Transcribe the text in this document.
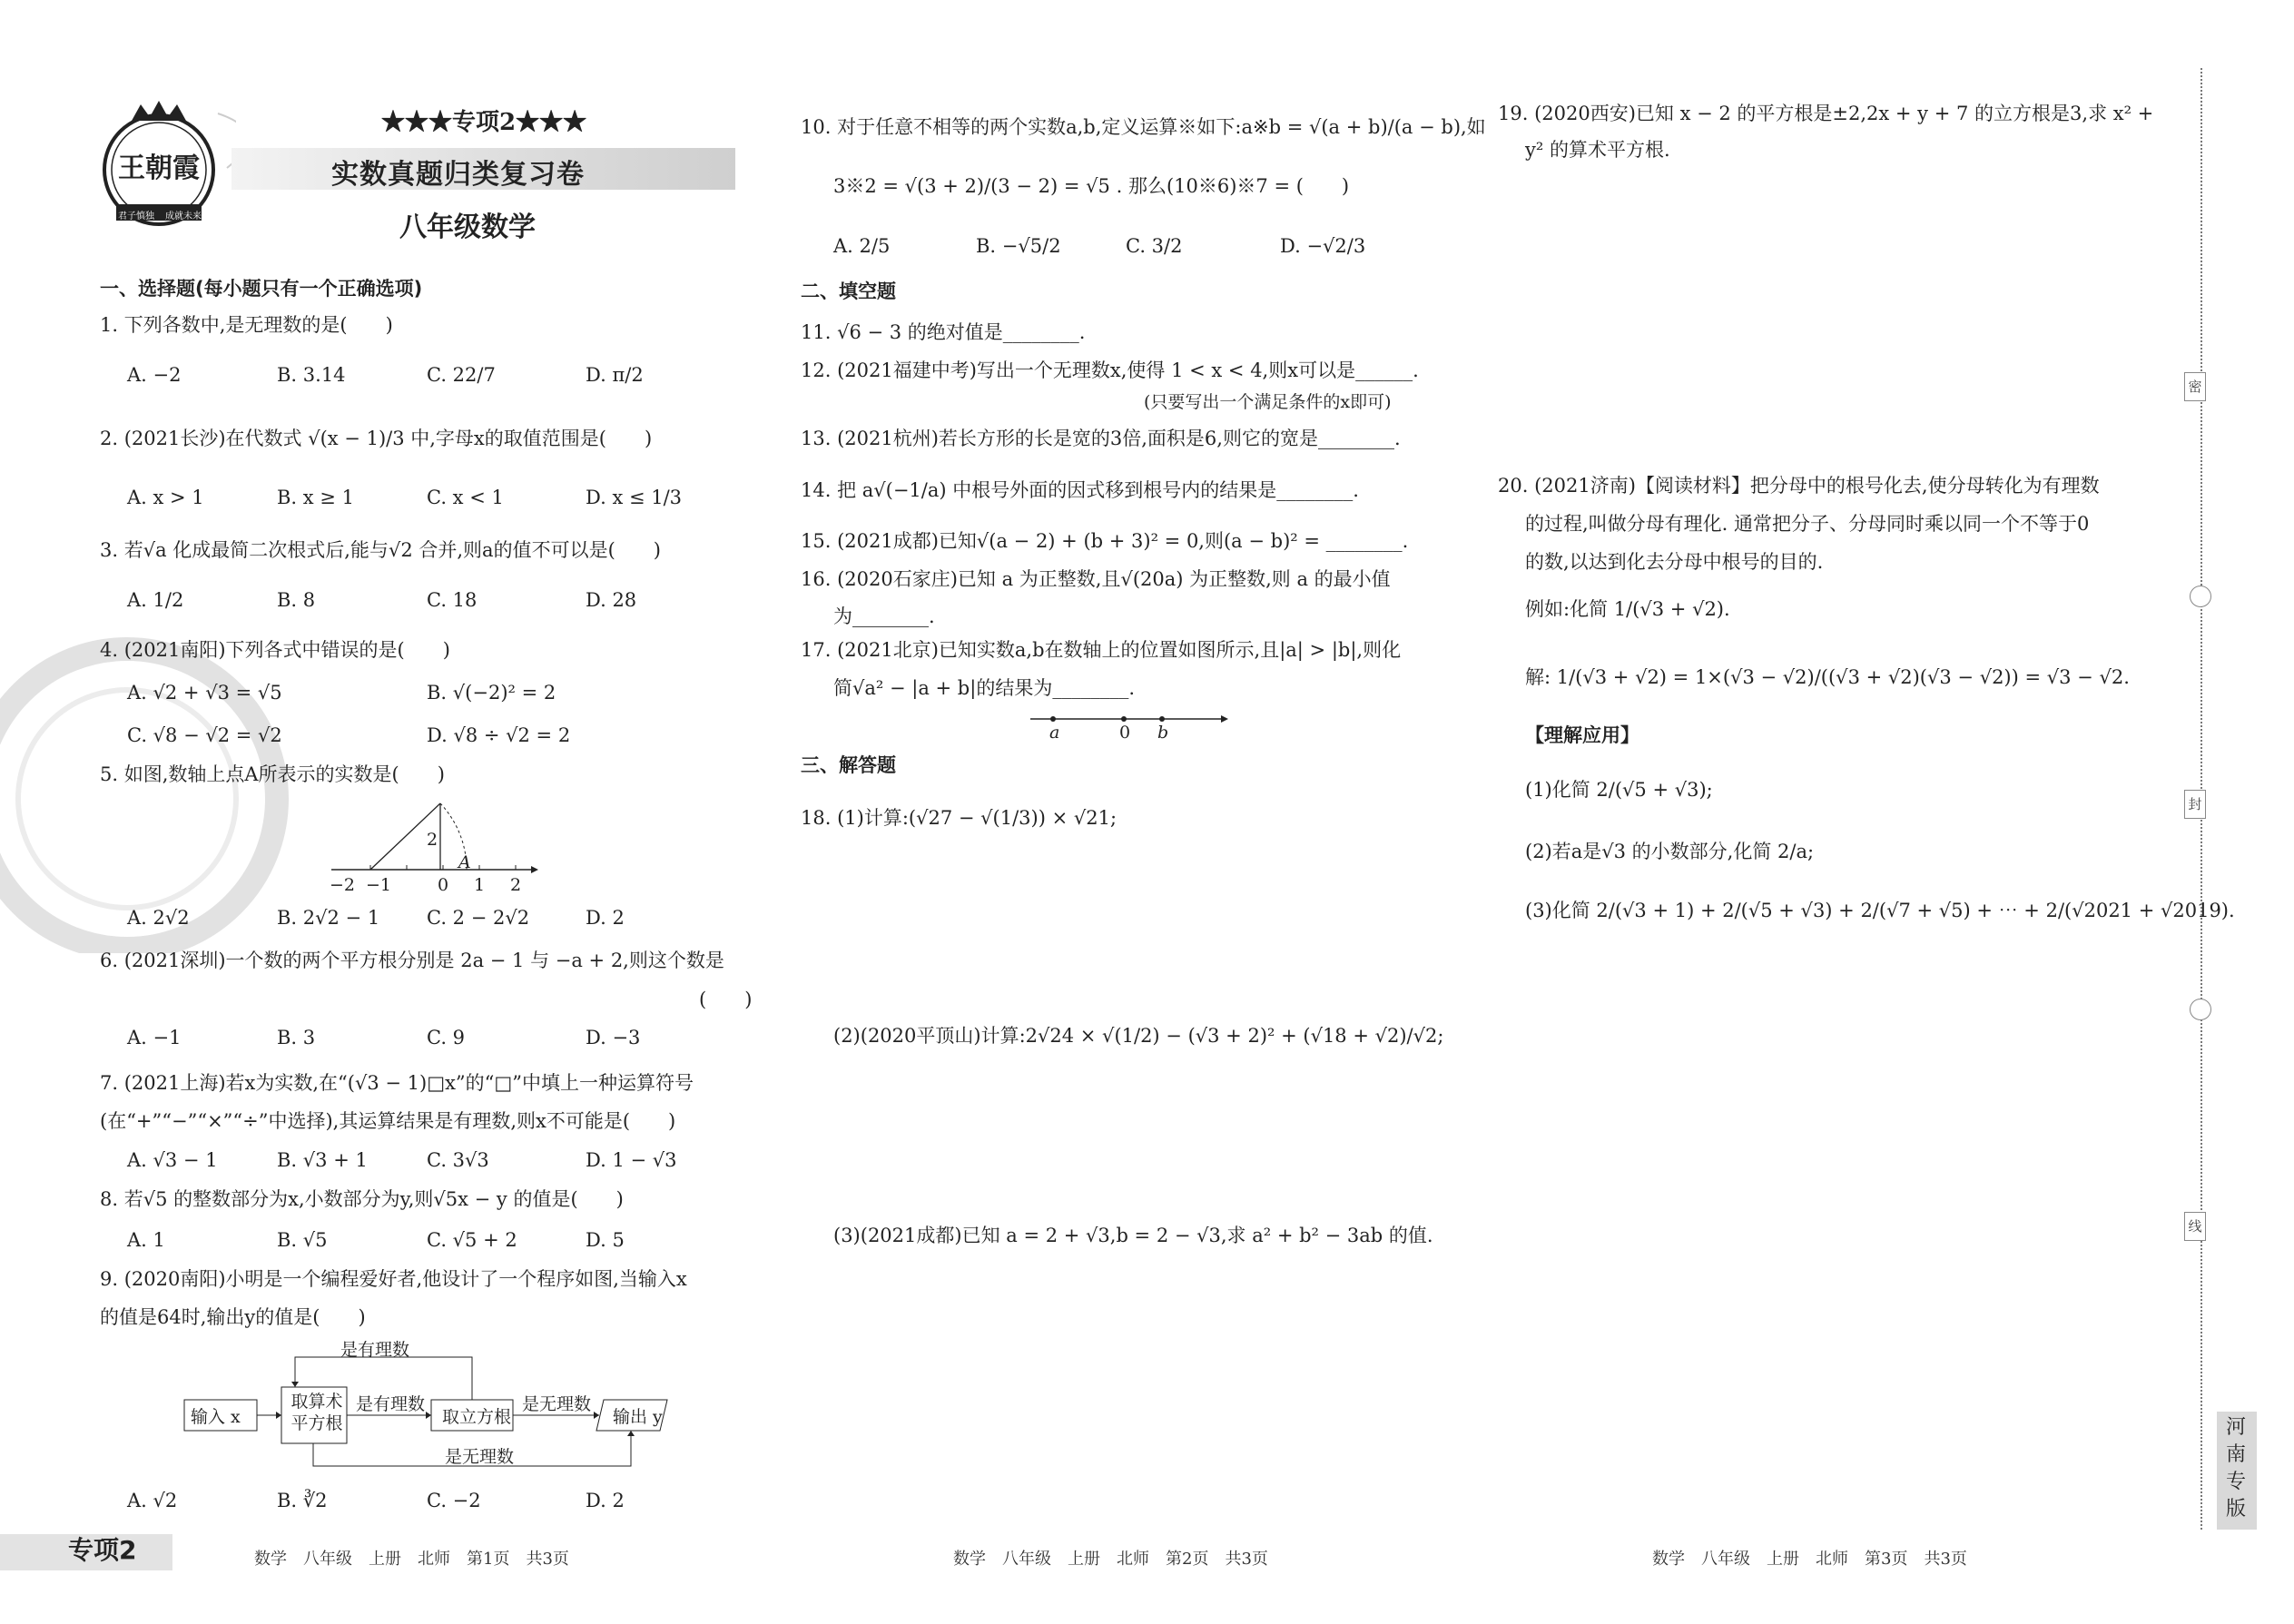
王朝霞
君子慎独 成就未来
★★★专项2★★★
实数真题归类复习卷
八年级数学
一、选择题(每小题只有一个正确选项)
1. 下列各数中,是无理数的是(　　)
A. −2	B. 3.14	C. 22/7	D. π/2
2. (2021长沙)在代数式 √(x − 1)/3 中,字母x的取值范围是(　　)
A. x > 1	B. x ≥ 1	C. x < 1	D. x ≤ 1/3
3. 若√a 化成最简二次根式后,能与√2 合并,则a的值不可以是(　　)
A. 1/2	B. 8	C. 18	D. 28
4. (2021南阳)下列各式中错误的是(　　)
A. √2 + √3 = √5	B. √(−2)² = 2
C. √8 − √2 = √2	D. √8 ÷ √2 = 2
5. 如图,数轴上点A所表示的实数是(　　)
−2 −1	0 1 2
2
A
A. 2√2	B. 2√2 − 1 C. 2 − 2√2	D. 2
6. (2021深圳)一个数的两个平方根分别是 2a − 1 与 −a + 2,则这个数是
(　　)
A. −1	B. 3	C. 9	D. −3
7. (2021上海)若x为实数,在“(√3 − 1)□x”的“□”中填上一种运算符号
(在“+”“−”“×”“÷”中选择),其运算结果是有理数,则x不可能是(　　)
A. √3 − 1	B. √3 + 1	C. 3√3	D. 1 − √3
8. 若√5 的整数部分为x,小数部分为y,则√5x − y 的值是(　　)
A. 1	B. √5	C. √5 + 2	D. 5
9. (2020南阳)小明是一个编程爱好者,他设计了一个程序如图,当输入x
的值是64时,输出y的值是(　　)
输入 x
取算术平方根	取立方根	输出 y
是有理数
是有理数	是无理数
是无理数
A. √2	B. ∛2	C. −2	D. 2
10. 对于任意不相等的两个实数a,b,定义运算※如下:a※b = √(a + b)/(a − b),如
3※2 = √(3 + 2)/(3 − 2) = √5 . 那么(10※6)※7 = (　　)
A. 2/5	B. −√5/2	C. 3/2	D. −√2/3
二、填空题
11. √6 − 3 的绝对值是________.
12. (2021福建中考)写出一个无理数x,使得 1 < x < 4,则x可以是______.
(只要写出一个满足条件的x即可)
13. (2021杭州)若长方形的长是宽的3倍,面积是6,则它的宽是________.
14. 把 a√(−1/a) 中根号外面的因式移到根号内的结果是________.
15. (2021成都)已知√(a − 2) + (b + 3)² = 0,则(a − b)² = ________.
16. (2020石家庄)已知 a 为正整数,且√(20a) 为正整数,则 a 的最小值
为________.
17. (2021北京)已知实数a,b在数轴上的位置如图所示,且|a| > |b|,则化
简√a² − |a + b|的结果为________.
a	0 b
三、解答题
18. (1)计算:(√27 − √(1/3)) × √21;
(2)(2020平顶山)计算:2√24 × √(1/2) − (√3 + 2)² + (√18 + √2)/√2;
(3)(2021成都)已知 a = 2 + √3,b = 2 − √3,求 a² + b² − 3ab 的值.
19. (2020西安)已知 x − 2 的平方根是±2,2x + y + 7 的立方根是3,求 x² +
y² 的算术平方根.
20. (2021济南)【阅读材料】把分母中的根号化去,使分母转化为有理数
的过程,叫做分母有理化. 通常把分子、分母同时乘以同一个不等于0
的数,以达到化去分母中根号的目的.
例如:化简 1/(√3 + √2).
解: 1/(√3 + √2) = 1×(√3 − √2)/((√3 + √2)(√3 − √2)) = √3 − √2.
【理解应用】
(1)化简 2/(√5 + √3);
(2)若a是√3 的小数部分,化简 2/a;
(3)化简 2/(√3 + 1) + 2/(√5 + √3) + 2/(√7 + √5) + ⋯ + 2/(√2021 + √2019).
密
封
线
河
南
专
版
专项2	数学　八年级　上册　北师　第1页　共3页	数学　八年级　上册　北师　第2页　共3页	数学　八年级　上册　北师　第3页　共3页
